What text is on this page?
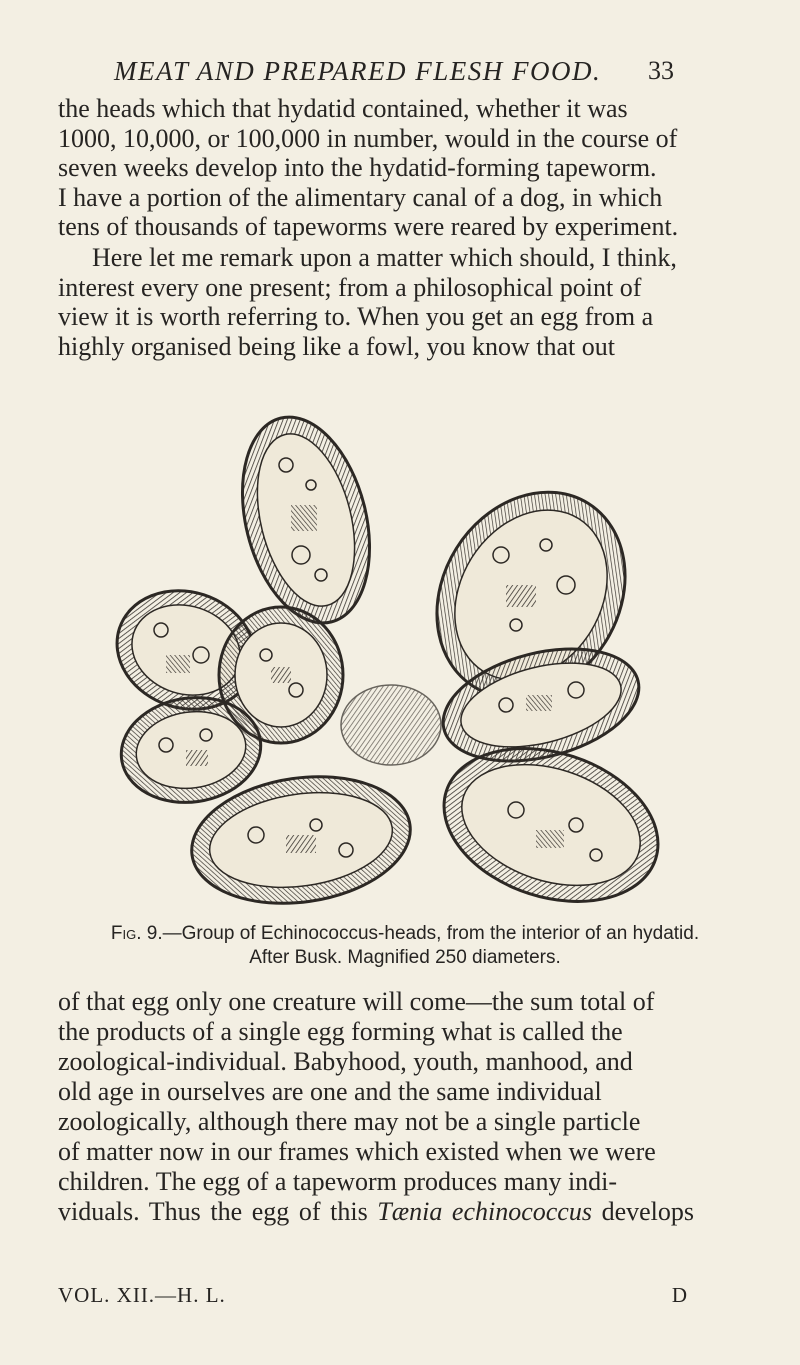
MEAT AND PREPARED FLESH FOOD.	33
the heads which that hydatid contained, whether it was
1000, 10,000, or 100,000 in number, would in the course of
seven weeks develop into the hydatid-forming tapeworm.
I have a portion of the alimentary canal of a dog, in which
tens of thousands of tapeworms were reared by experiment.
Here let me remark upon a matter which should, I think,
interest every one present; from a philosophical point of
view it is worth referring to. When you get an egg from a
highly organised being like a fowl, you know that out
Fig. 9.—Group of Echinococcus-heads, from the interior of an hydatid.
After Busk. Magnified 250 diameters.
of that egg only one creature will come—the sum total of
the products of a single egg forming what is called the
zoological-individual. Babyhood, youth, manhood, and
old age in ourselves are one and the same individual
zoologically, although there may not be a single particle
of matter now in our frames which existed when we were
children. The egg of a tapeworm produces many indi-
viduals. Thus the egg of this Tænia echinococcus develops
VOL. XII.—H. L.	D
